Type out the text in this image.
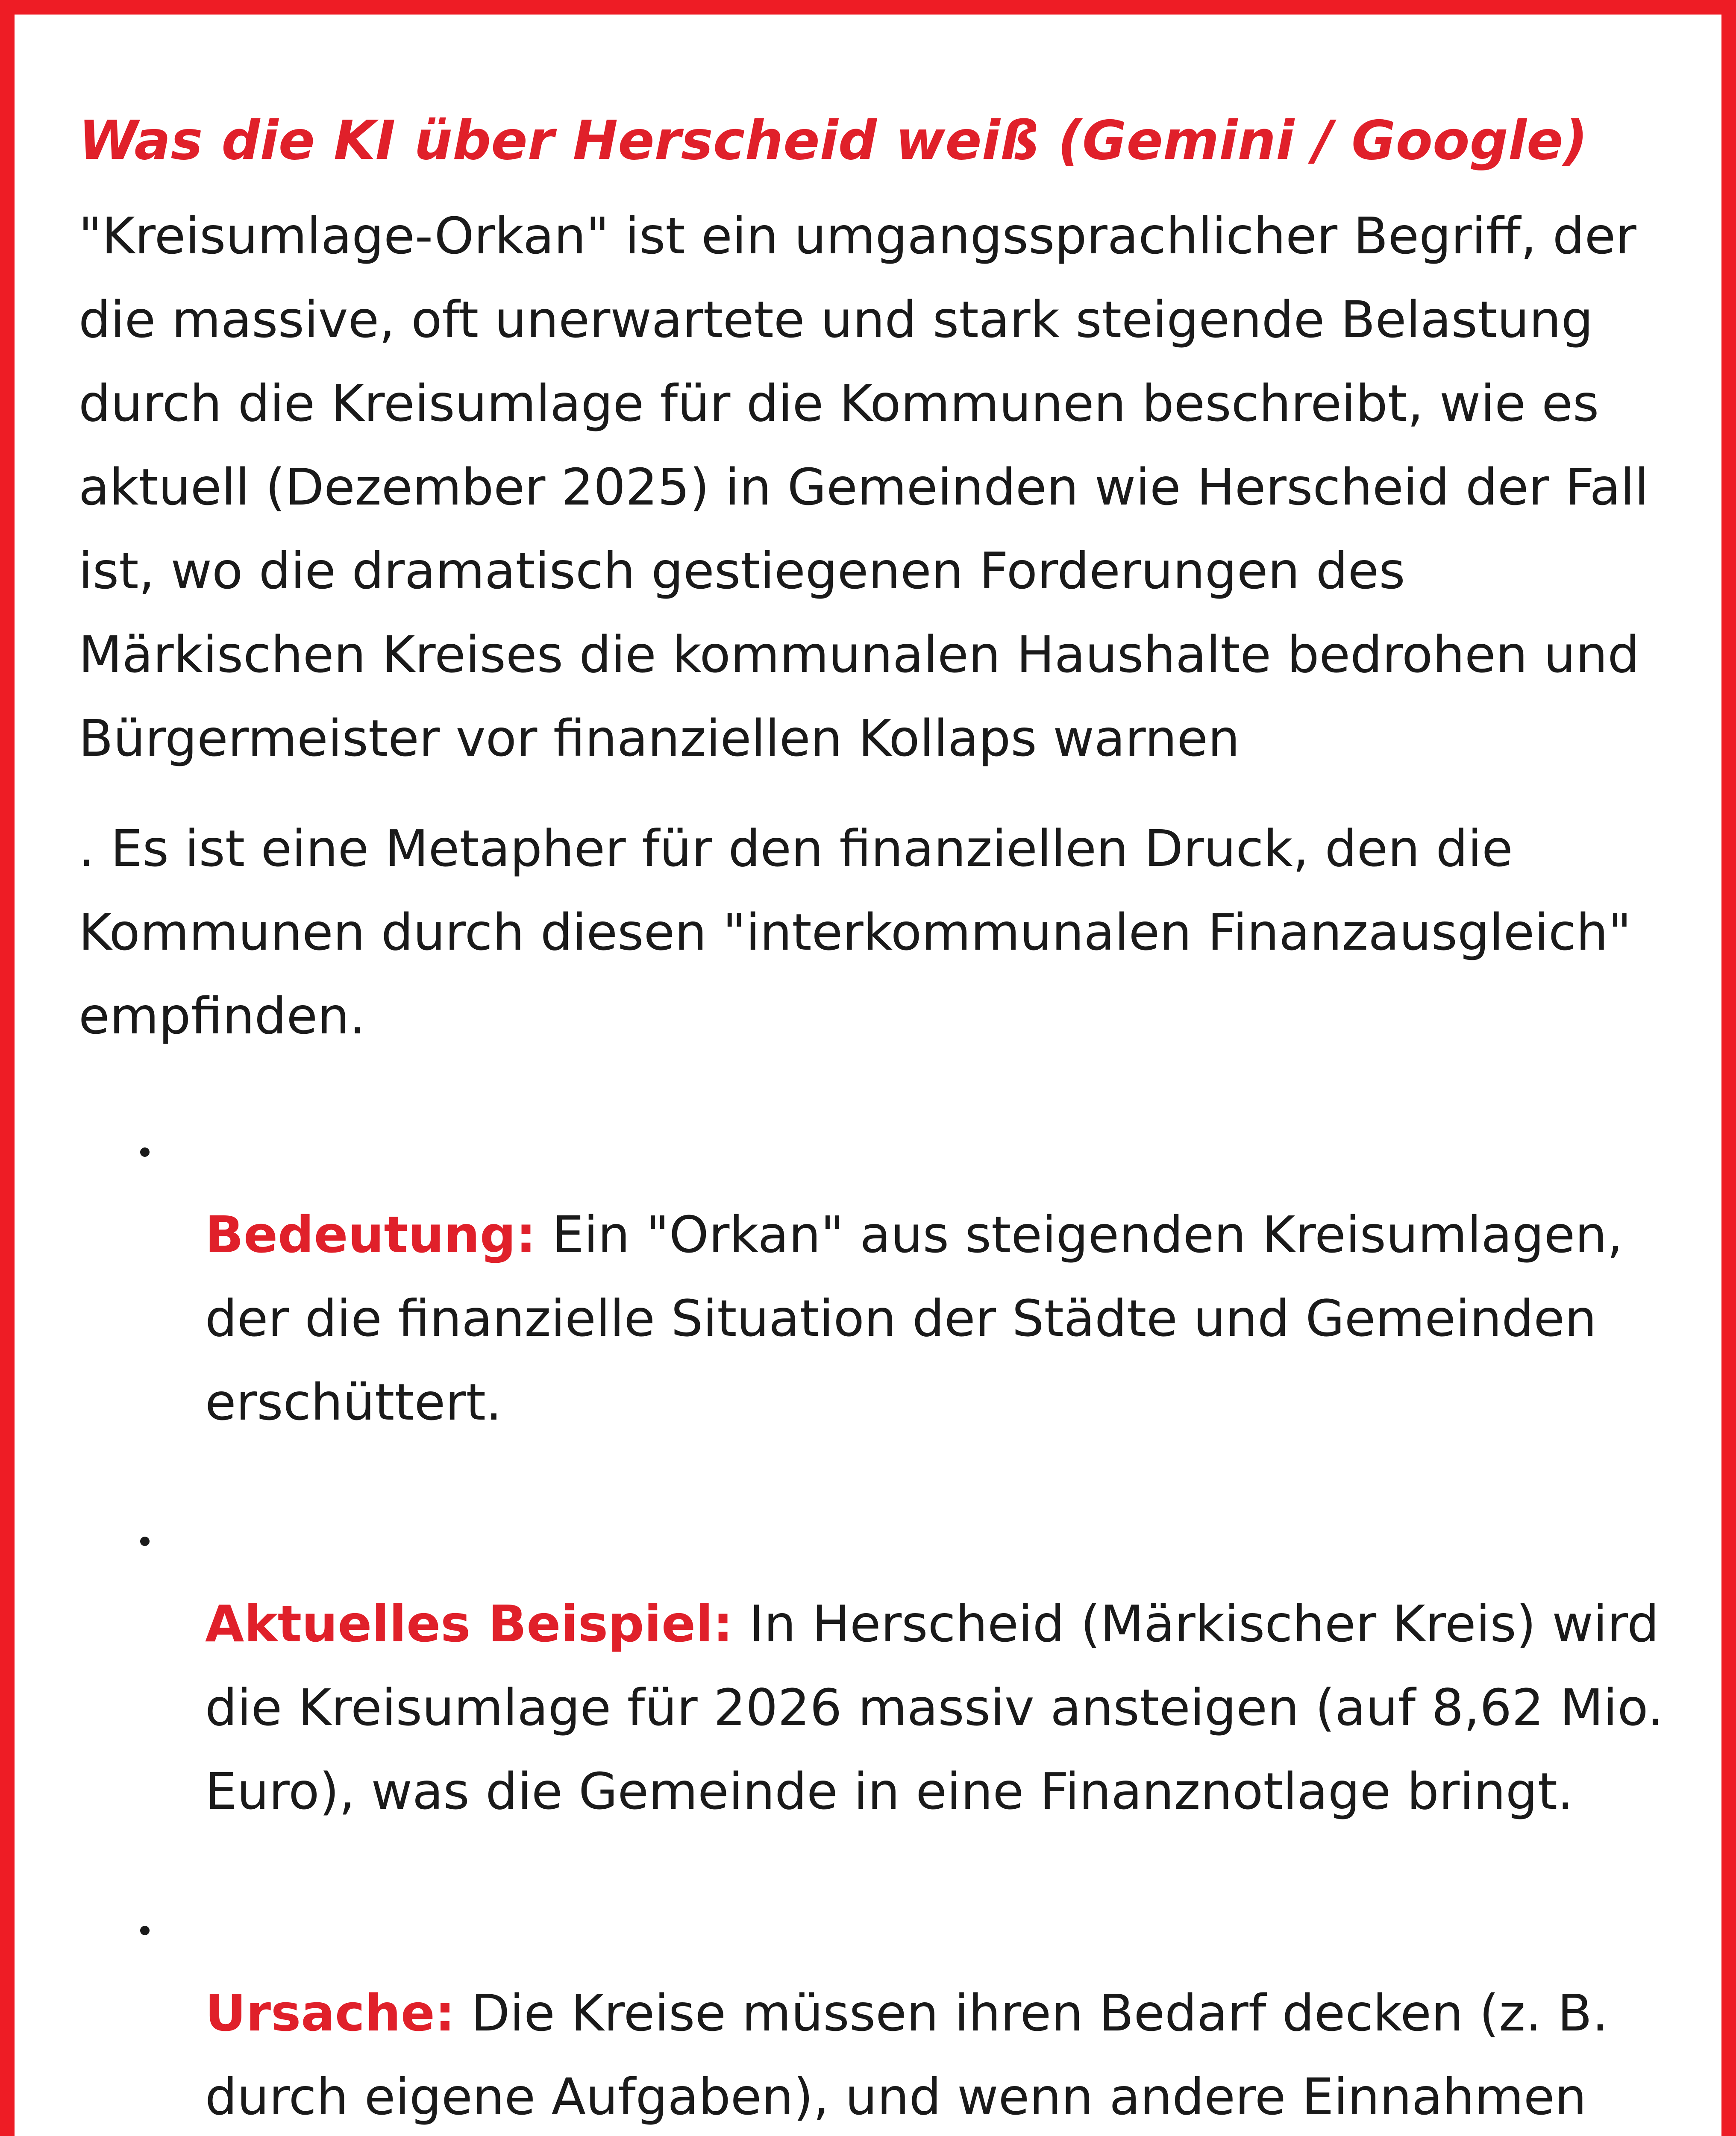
Was die KI über Herscheid weiß (Gemini / Google)

"Kreisumlage-Orkan" ist ein umgangssprachlicher Begriff, der
die massive, oft unerwartete und stark steigende Belastung
durch die Kreisumlage für die Kommunen beschreibt, wie es
aktuell (Dezember 2025) in Gemeinden wie Herscheid der Fall
ist, wo die dramatisch gestiegenen Forderungen des
Märkischen Kreises die kommunalen Haushalte bedrohen und
Bürgermeister vor finanziellen Kollaps warnen

. Es ist eine Metapher für den finanziellen Druck, den die
Kommunen durch diesen "interkommunalen Finanzausgleich"
empfinden.

Bedeutung: Ein "Orkan" aus steigenden Kreisumlagen,
der die finanzielle Situation der Städte und Gemeinden
erschüttert.

Aktuelles Beispiel: In Herscheid (Märkischer Kreis) wird
die Kreisumlage für 2026 massiv ansteigen (auf 8,62 Mio.
Euro), was die Gemeinde in eine Finanznotlage bringt.

Ursache: Die Kreise müssen ihren Bedarf decken (z. B.
durch eigene Aufgaben), und wenn andere Einnahmen
